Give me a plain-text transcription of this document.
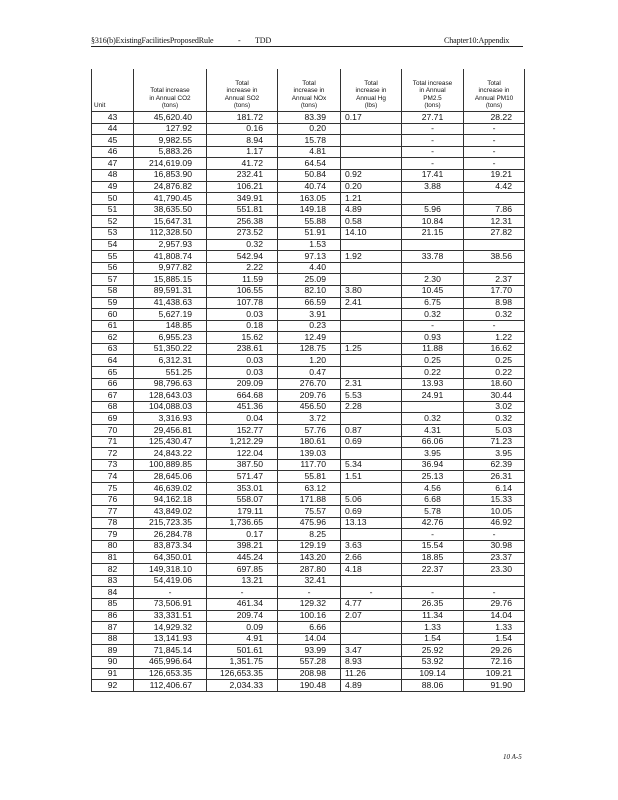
§316(b)ExistingFacilitiesProposedRule	- TDD	Chapter10:Appendix

Unit	Total increase
in Annual CO2
(tons)	Total
increase in
Annual SO2
(tons)	Total
increase in
Annual NOx
(tons)	Total
increase in
Annual Hg
(lbs)	Total increase
in Annual
PM2.5
(tons)	Total
increase in
Annual PM10
(tons)
43	45,620.40	181.72	83.39	0.17	27.71	28.22
44	127.92	0.16	0.20		-	-
45	9,982.55	8.94	15.78		-	-
46	5,883.26	1.17	4.81		-	-
47	214,619.09	41.72	64.54		-	-
48	16,853.90	232.41	50.84	0.92	17.41	19.21
49	24,876.82	106.21	40.74	0.20	3.88	4.42
50	41,790.45	349.91	163.05	1.21		
51	38,635.50	551.81	149.18	4.89	5.96	7.86
52	15,647.31	256.38	55.88	0.58	10.84	12.31
53	112,328.50	273.52	51.91	14.10	21.15	27.82
54	2,957.93	0.32	1.53			
55	41,808.74	542.94	97.13	1.92	33.78	38.56
56	9,977.82	2.22	4.40			
57	15,885.15	11.59	25.09		2.30	2.37
58	89,591.31	106.55	82.10	3.80	10.45	17.70
59	41,438.63	107.78	66.59	2.41	6.75	8.98
60	5,627.19	0.03	3.91		0.32	0.32
61	148.85	0.18	0.23		-	-
62	6,955.23	15.62	12.49		0.93	1.22
63	51,350.22	238.61	128.75	1.25	11.88	16.62
64	6,312.31	0.03	1.20		0.25	0.25
65	551.25	0.03	0.47		0.22	0.22
66	98,796.63	209.09	276.70	2.31	13.93	18.60
67	128,643.03	664.68	209.76	5.53	24.91	30.44
68	104,088.03	451.36	456.50	2.28		3.02
69	3,316.93	0.04	3.72		0.32	0.32
70	29,456.81	152.77	57.76	0.87	4.31	5.03
71	125,430.47	1,212.29	180.61	0.69	66.06	71.23
72	24,843.22	122.04	139.03		3.95	3.95
73	100,889.85	387.50	117.70	5.34	36.94	62.39
74	28,645.06	571.47	55.81	1.51	25.13	26.31
75	46,639.02	353.01	63.12		4.56	6.14
76	94,162.18	558.07	171.88	5.06	6.68	15.33
77	43,849.02	179.11	75.57	0.69	5.78	10.05
78	215,723.35	1,736.65	475.96	13.13	42.76	46.92
79	26,284.78	0.17	8.25		-	-
80	83,873.34	398.21	129.19	3.63	15.54	30.98
81	64,350.01	445.24	143.20	2.66	18.85	23.37
82	149,318.10	697.85	287.80	4.18	22.37	23.30
83	54,419.06	13.21	32.41			
84	-	-	-	-	-	-
85	73,506.91	461.34	129.32	4.77	26.35	29.76
86	33,331.51	209.74	100.16	2.07	11.34	14.04
87	14,929.32	0.09	6.66		1.33	1.33
88	13,141.93	4.91	14.04		1.54	1.54
89	71,845.14	501.61	93.99	3.47	25.92	29.26
90	465,996.64	1,351.75	557.28	8.93	53.92	72.16
91	126,653.35	126,653.35	208.98	11.26	109.14	109.21
92	112,406.67	2,034.33	190.48	4.89	88.06	91.90
10 A-5
